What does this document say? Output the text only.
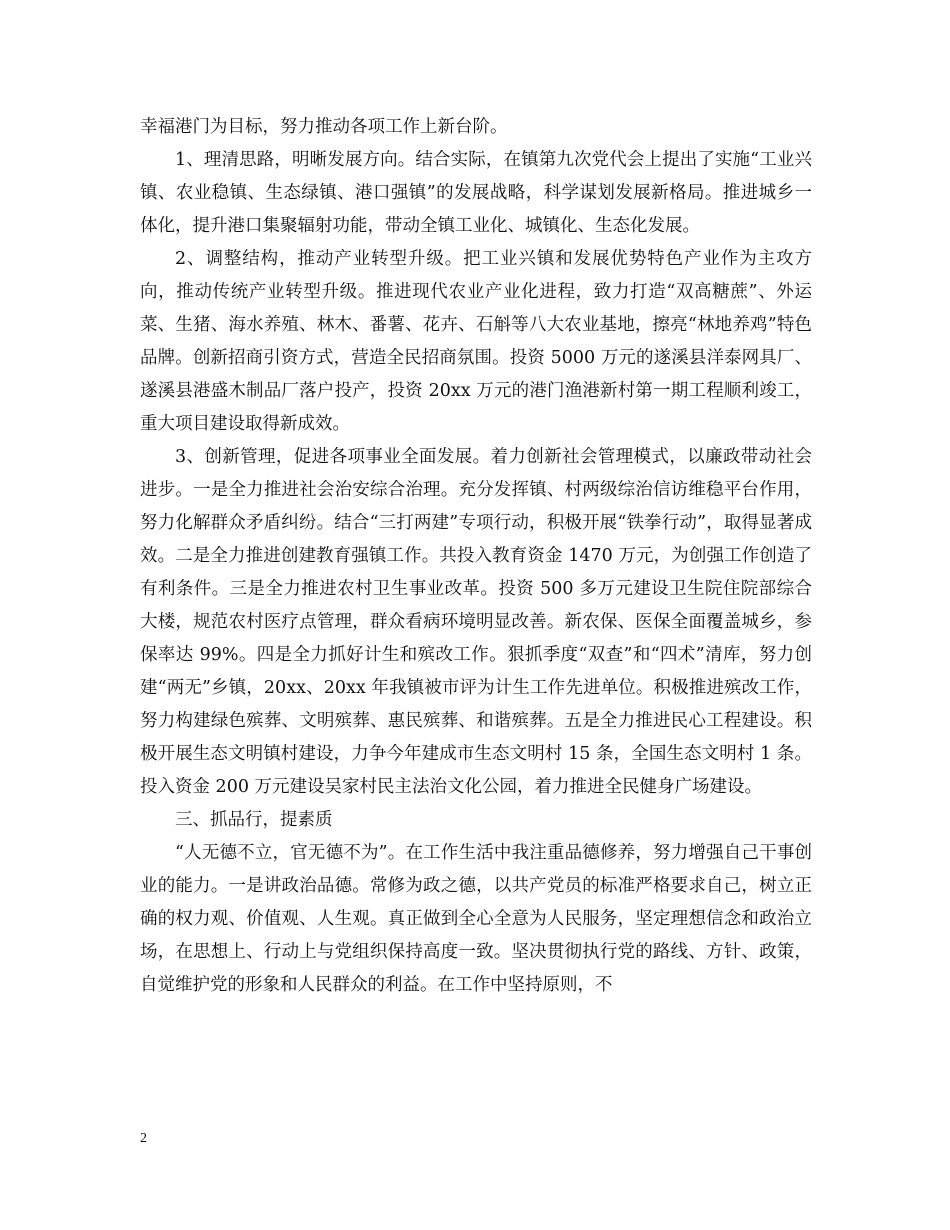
幸福港门为目标，努力推动各项工作上新台阶。

1、理清思路，明晰发展方向。结合实际，在镇第九次党代会上提出了实施“工业兴镇、农业稳镇、生态绿镇、港口强镇”的发展战略，科学谋划发展新格局。推进城乡一体化，提升港口集聚辐射功能，带动全镇工业化、城镇化、生态化发展。

2、调整结构，推动产业转型升级。把工业兴镇和发展优势特色产业作为主攻方向，推动传统产业转型升级。推进现代农业产业化进程，致力打造“双高糖蔗”、外运菜、生猪、海水养殖、林木、番薯、花卉、石斛等八大农业基地，擦亮“林地养鸡”特色品牌。创新招商引资方式，营造全民招商氛围。投资 5000 万元的遂溪县洋泰网具厂、遂溪县港盛木制品厂落户投产，投资 20xx 万元的港门渔港新村第一期工程顺利竣工，重大项目建设取得新成效。

3、创新管理，促进各项事业全面发展。着力创新社会管理模式，以廉政带动社会进步。一是全力推进社会治安综合治理。充分发挥镇、村两级综治信访维稳平台作用，努力化解群众矛盾纠纷。结合“三打两建”专项行动，积极开展“铁拳行动”，取得显著成效。二是全力推进创建教育强镇工作。共投入教育资金 1470 万元，为创强工作创造了有利条件。三是全力推进农村卫生事业改革。投资 500 多万元建设卫生院住院部综合大楼，规范农村医疗点管理，群众看病环境明显改善。新农保、医保全面覆盖城乡，参保率达 99%。四是全力抓好计生和殡改工作。狠抓季度“双查”和“四术”清库，努力创建“两无”乡镇，20xx、20xx 年我镇被市评为计生工作先进单位。积极推进殡改工作，努力构建绿色殡葬、文明殡葬、惠民殡葬、和谐殡葬。五是全力推进民心工程建设。积极开展生态文明镇村建设，力争今年建成市生态文明村 15 条，全国生态文明村 1 条。投入资金 200 万元建设吴家村民主法治文化公园，着力推进全民健身广场建设。

三、抓品行，提素质

“人无德不立，官无德不为”。在工作生活中我注重品德修养，努力增强自己干事创业的能力。一是讲政治品德。常修为政之德，以共产党员的标准严格要求自己，树立正确的权力观、价值观、人生观。真正做到全心全意为人民服务，坚定理想信念和政治立场，在思想上、行动上与党组织保持高度一致。坚决贯彻执行党的路线、方针、政策，自觉维护党的形象和人民群众的利益。在工作中坚持原则，不

2
